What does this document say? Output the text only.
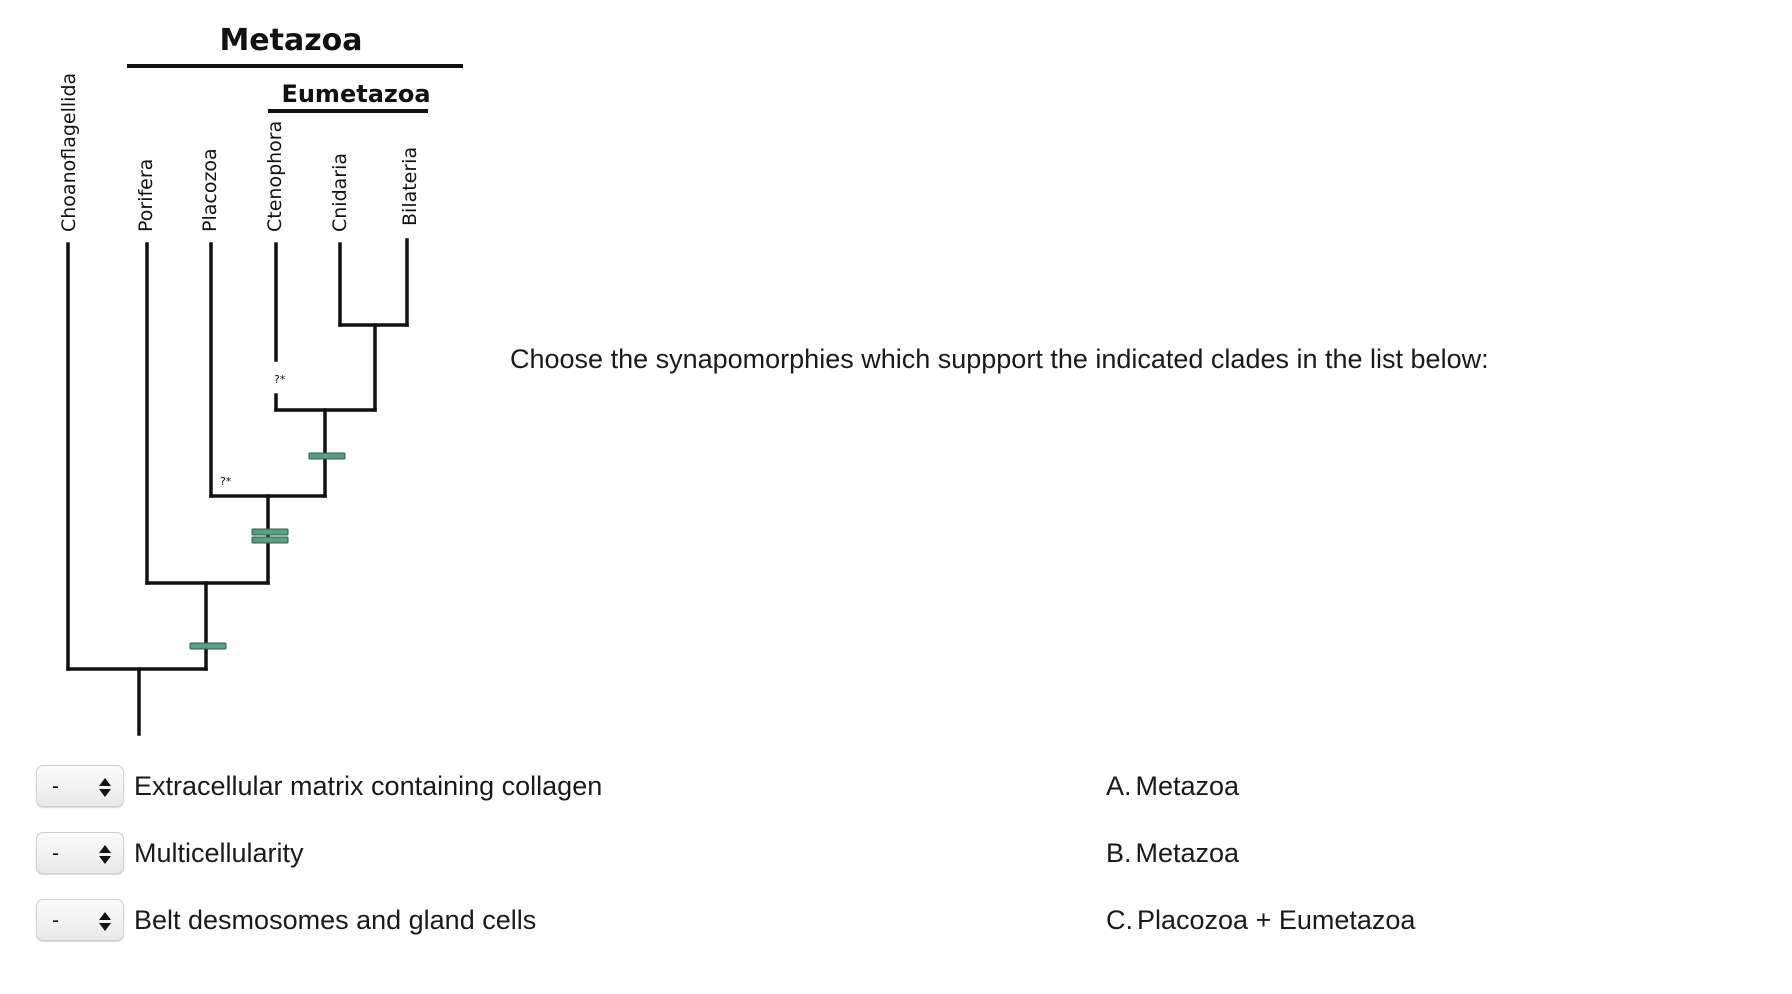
Metazoa
Eumetazoa
Choanoflagellida	Porifera Placozoa Ctenophora Cnidaria	Bilateria
?*
?*
Choose the synapomorphies which suppport the indicated clades in the list below:
-	Extracellular matrix containing collagen
-	Multicellularity
-	Belt desmosomes and gland cells
A. Metazoa
B. Metazoa
C. Placozoa + Eumetazoa
